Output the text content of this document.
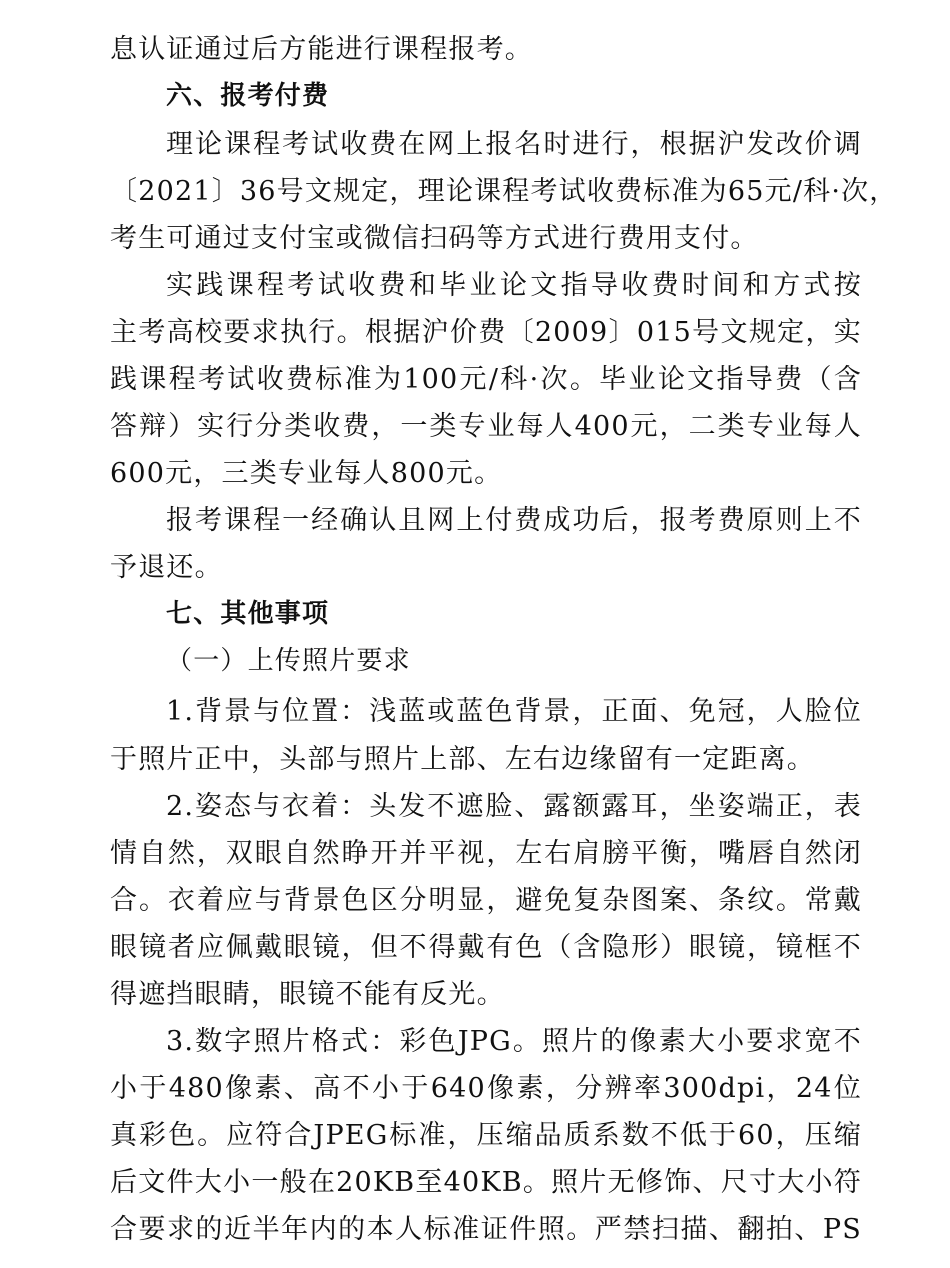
息认证通过后方能进行课程报考。
六、报考付费
理论课程考试收费在网上报名时进行，根据沪发改价调
〔2021〕36号文规定，理论课程考试收费标准为65元/科·次，
考生可通过支付宝或微信扫码等方式进行费用支付。
实践课程考试收费和毕业论文指导收费时间和方式按
主考高校要求执行。根据沪价费〔2009〕015号文规定，实
践课程考试收费标准为100元/科·次。毕业论文指导费（含
答辩）实行分类收费，一类专业每人400元，二类专业每人
600元，三类专业每人800元。
报考课程一经确认且网上付费成功后，报考费原则上不
予退还。
七、其他事项
（一）上传照片要求
1.背景与位置：浅蓝或蓝色背景，正面、免冠，人脸位
于照片正中，头部与照片上部、左右边缘留有一定距离。
2.姿态与衣着：头发不遮脸、露额露耳，坐姿端正，表
情自然，双眼自然睁开并平视，左右肩膀平衡，嘴唇自然闭
合。衣着应与背景色区分明显，避免复杂图案、条纹。常戴
眼镜者应佩戴眼镜，但不得戴有色（含隐形）眼镜，镜框不
得遮挡眼睛，眼镜不能有反光。
3.数字照片格式：彩色JPG。照片的像素大小要求宽不
小于480像素、高不小于640像素，分辨率300dpi，24位
真彩色。应符合JPEG标准，压缩品质系数不低于60，压缩
后文件大小一般在20KB至40KB。照片无修饰、尺寸大小符
合要求的近半年内的本人标准证件照。严禁扫描、翻拍、PS
